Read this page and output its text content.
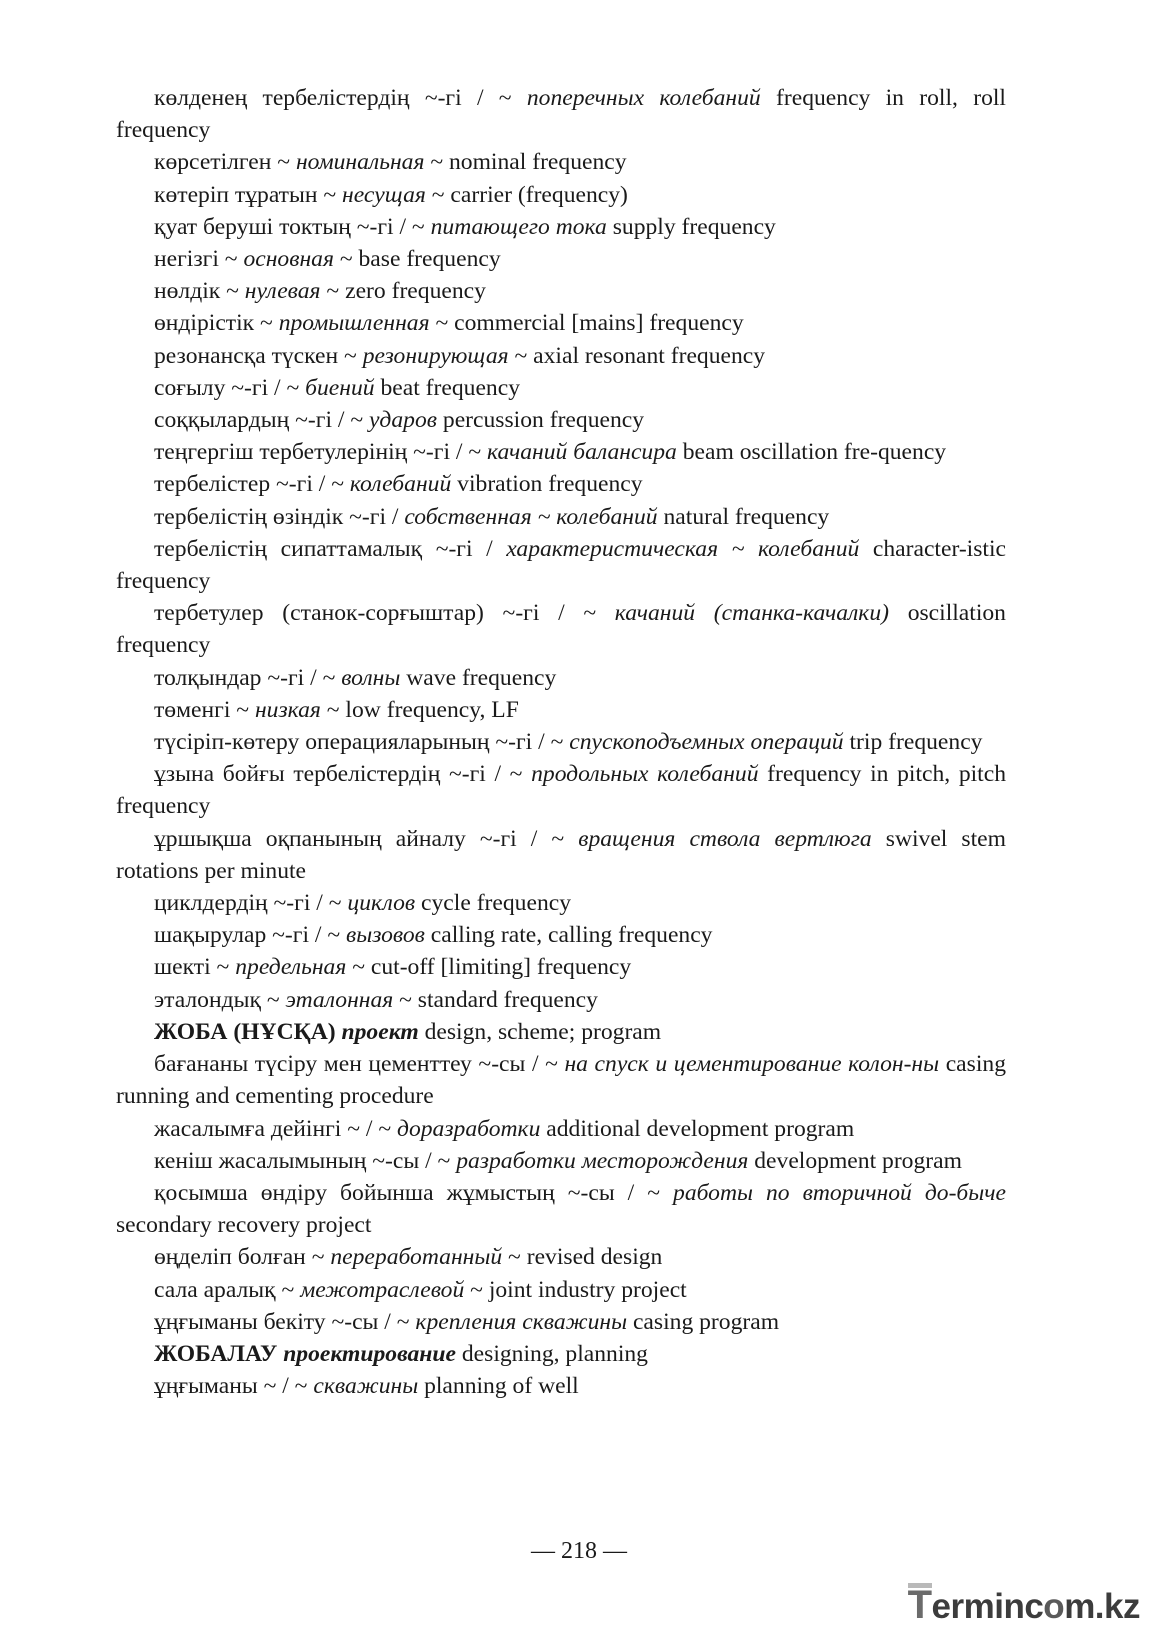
көлденең тербелістердің ~-гі / ~ поперечных колебаний frequency in roll, roll frequency

көрсетілген ~ номинальная ~ nominal frequency

көтеріп тұратын ~ несущая ~ carrier (frequency)

қуат беруші токтың ~-гі / ~ питающего тока supply frequency

негізгі ~ основная ~ base frequency

нөлдік ~ нулевая ~ zero frequency

өндірістік ~ промышленная ~ commercial [mains] frequency

резонансқа түскен ~ резонирующая ~ axial resonant frequency

соғылу ~-гі / ~ биений beat frequency

соққылардың ~-гі / ~ ударов percussion frequency

теңгергіш тербетулерінің ~-гі / ~ качаний балансира beam oscillation fre-quency

тербелістер ~-гі / ~ колебаний vibration frequency

тербелістің өзіндік ~-гі / собственная ~ колебаний natural frequency

тербелістің сипаттамалық ~-гі / характеристическая ~ колебаний character-istic frequency

тербетулер (станок-сорғыштар) ~-гі / ~ качаний (станка-качалки) oscillation frequency

толқындар ~-гі / ~ волны wave frequency

төменгі ~ низкая ~ low frequency, LF

түсіріп-көтеру операцияларының ~-гі / ~ спускоподъемных операций trip frequency

ұзына бойғы тербелістердің ~-гі / ~ продольных колебаний frequency in pitch, pitch frequency

ұршықша оқпанының айналу ~-гі / ~ вращения ствола вертлюга swivel stem rotations per minute

циклдердің ~-гі / ~ циклов cycle frequency

шақырулар ~-гі / ~ вызовов calling rate, calling frequency

шекті ~ предельная ~ cut-off [limiting] frequency

эталондық ~ эталонная ~ standard frequency

ЖОБА (НҰСҚА) проект design, scheme; program

бағананы түсіру мен цементтеу ~-сы / ~ на спуск и цементирование колон-ны casing running and cementing procedure

жасалымға дейінгі ~ / ~ доразработки additional development program

кеніш жасалымының ~-сы / ~ разработки месторождения development program

қосымша өндіру бойынша жұмыстың ~-сы / ~ работы по вторичной до-быче secondary recovery project

өңделіп болған ~ переработанный ~ revised design

сала аралық ~ межотраслевой ~ joint industry project

ұңғыманы бекіту ~-сы / ~ крепления скважины casing program

ЖОБАЛАУ проектирование designing, planning

ұңғыманы ~ / ~ скважины planning of well

— 218 —
Termincom.kz
